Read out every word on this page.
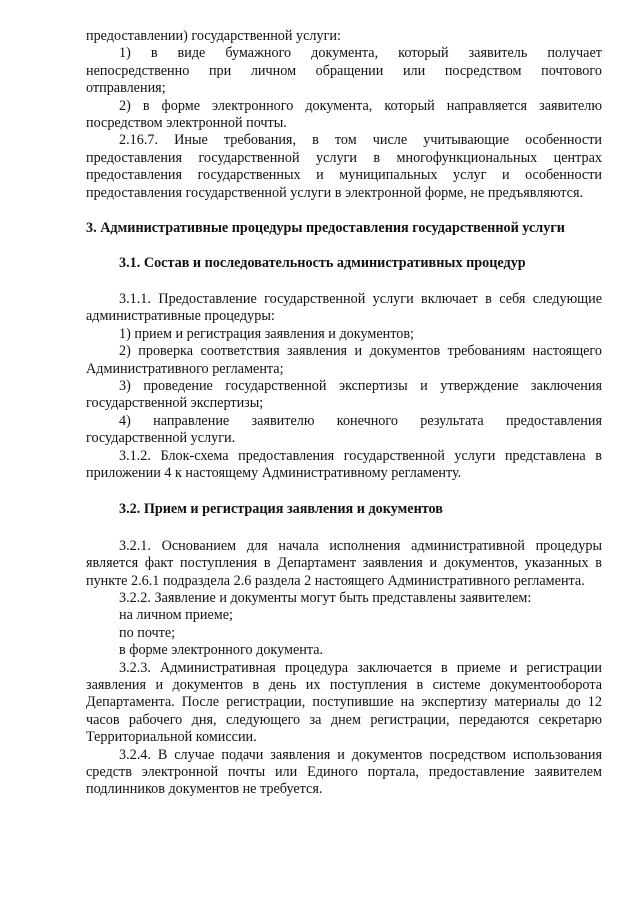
предоставлении) государственной услуги:

1) в виде бумажного документа, который заявитель получает
непосредственно при личном обращении или посредством почтового

отправления;

2) в форме электронного документа, который направляется заявителю посредством электронной почты.

2.16.7. Иные требования, в том числе учитывающие особенности предоставления государственной услуги в многофункциональных центрах предоставления государственных и муниципальных услуг и особенности предоставления государственной услуги в электронной форме, не предъявляются.

3. Административные процедуры предоставления государственной услуги

3.1. Состав и последовательность административных процедур

3.1.1. Предоставление государственной услуги включает в себя следующие административные процедуры:

1) прием и регистрация заявления и документов;

2) проверка соответствия заявления и документов требованиям настоящего Административного регламента;

3) проведение государственной экспертизы и утверждение заключения государственной экспертизы;

4) направление заявителю конечного результата предоставления государственной услуги.

3.1.2. Блок-схема предоставления государственной услуги представлена в приложении 4 к настоящему Административному регламенту.

3.2. Прием и регистрация заявления и документов

3.2.1. Основанием для начала исполнения административной процедуры является факт поступления в Департамент заявления и документов, указанных в пункте 2.6.1 подраздела 2.6 раздела 2 настоящего Административного регламента.

3.2.2. Заявление и документы могут быть представлены заявителем:

на личном приеме;

по почте;

в форме электронного документа.

3.2.3. Административная процедура заключается в приеме и регистрации заявления и документов в день их поступления в системе документооборота Департамента. После регистрации, поступившие на экспертизу материалы до 12 часов рабочего дня, следующего за днем регистрации, передаются секретарю Территориальной комиссии.

3.2.4. В случае подачи заявления и документов посредством использования средств электронной почты или Единого портала, предоставление заявителем подлинников документов не требуется.
